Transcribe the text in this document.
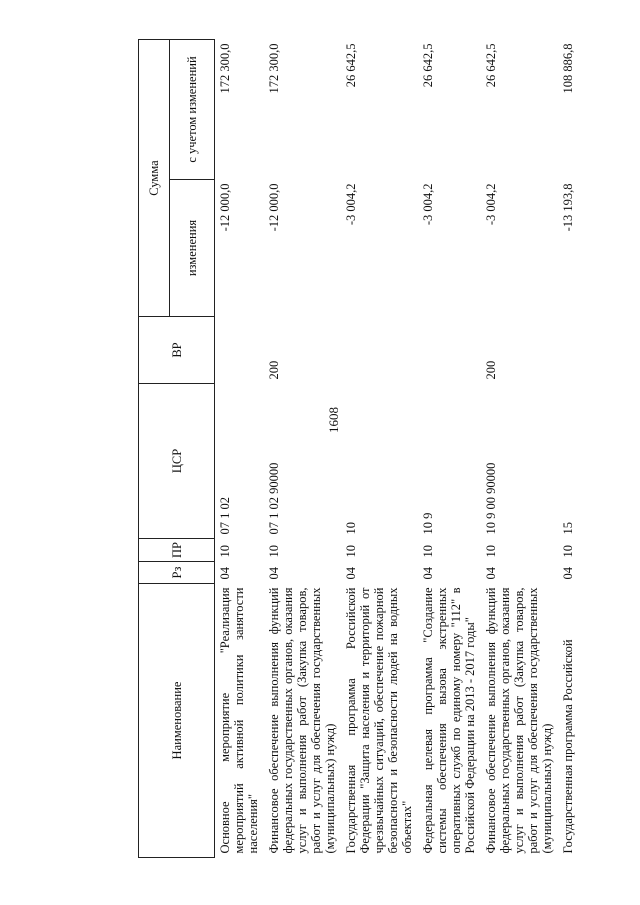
1608
Наименование	Рз	ПР	ЦСР	ВР	Сумма	
					изменения	с учетом изменений
Основное мероприятие "Реализация мероприятий активной политики занятости населения"	04	10	07 1 02		-12 000,0	172 300,0
Финансовое обеспечение выполнения функций федеральных государственных органов, оказания услуг и выполнения работ (Закупка товаров, работ и услуг для обеспечения государственных (муниципальных) нужд)	04	10	07 1 02 90000	200	-12 000,0	172 300,0
Государственная программа Российской Федерации "Защита населения и территорий от чрезвычайных ситуаций, обеспечение пожарной безопасности и безопасности людей на водных объектах"	04	10	10		-3 004,2	26 642,5
Федеральная целевая программа "Создание системы обеспечения вызова экстренных оперативных служб по единому номеру "112" в Российской Федерации на 2013 - 2017 годы"	04	10	10 9		-3 004,2	26 642,5
Финансовое обеспечение выполнения функций федеральных государственных органов, оказания услуг и выполнения работ (Закупка товаров, работ и услуг для обеспечения государственных (муниципальных) нужд)	04	10	10 9 00 90000	200	-3 004,2	26 642,5
Государственная программа Российской	04	10	15		-13 193,8	108 886,8
